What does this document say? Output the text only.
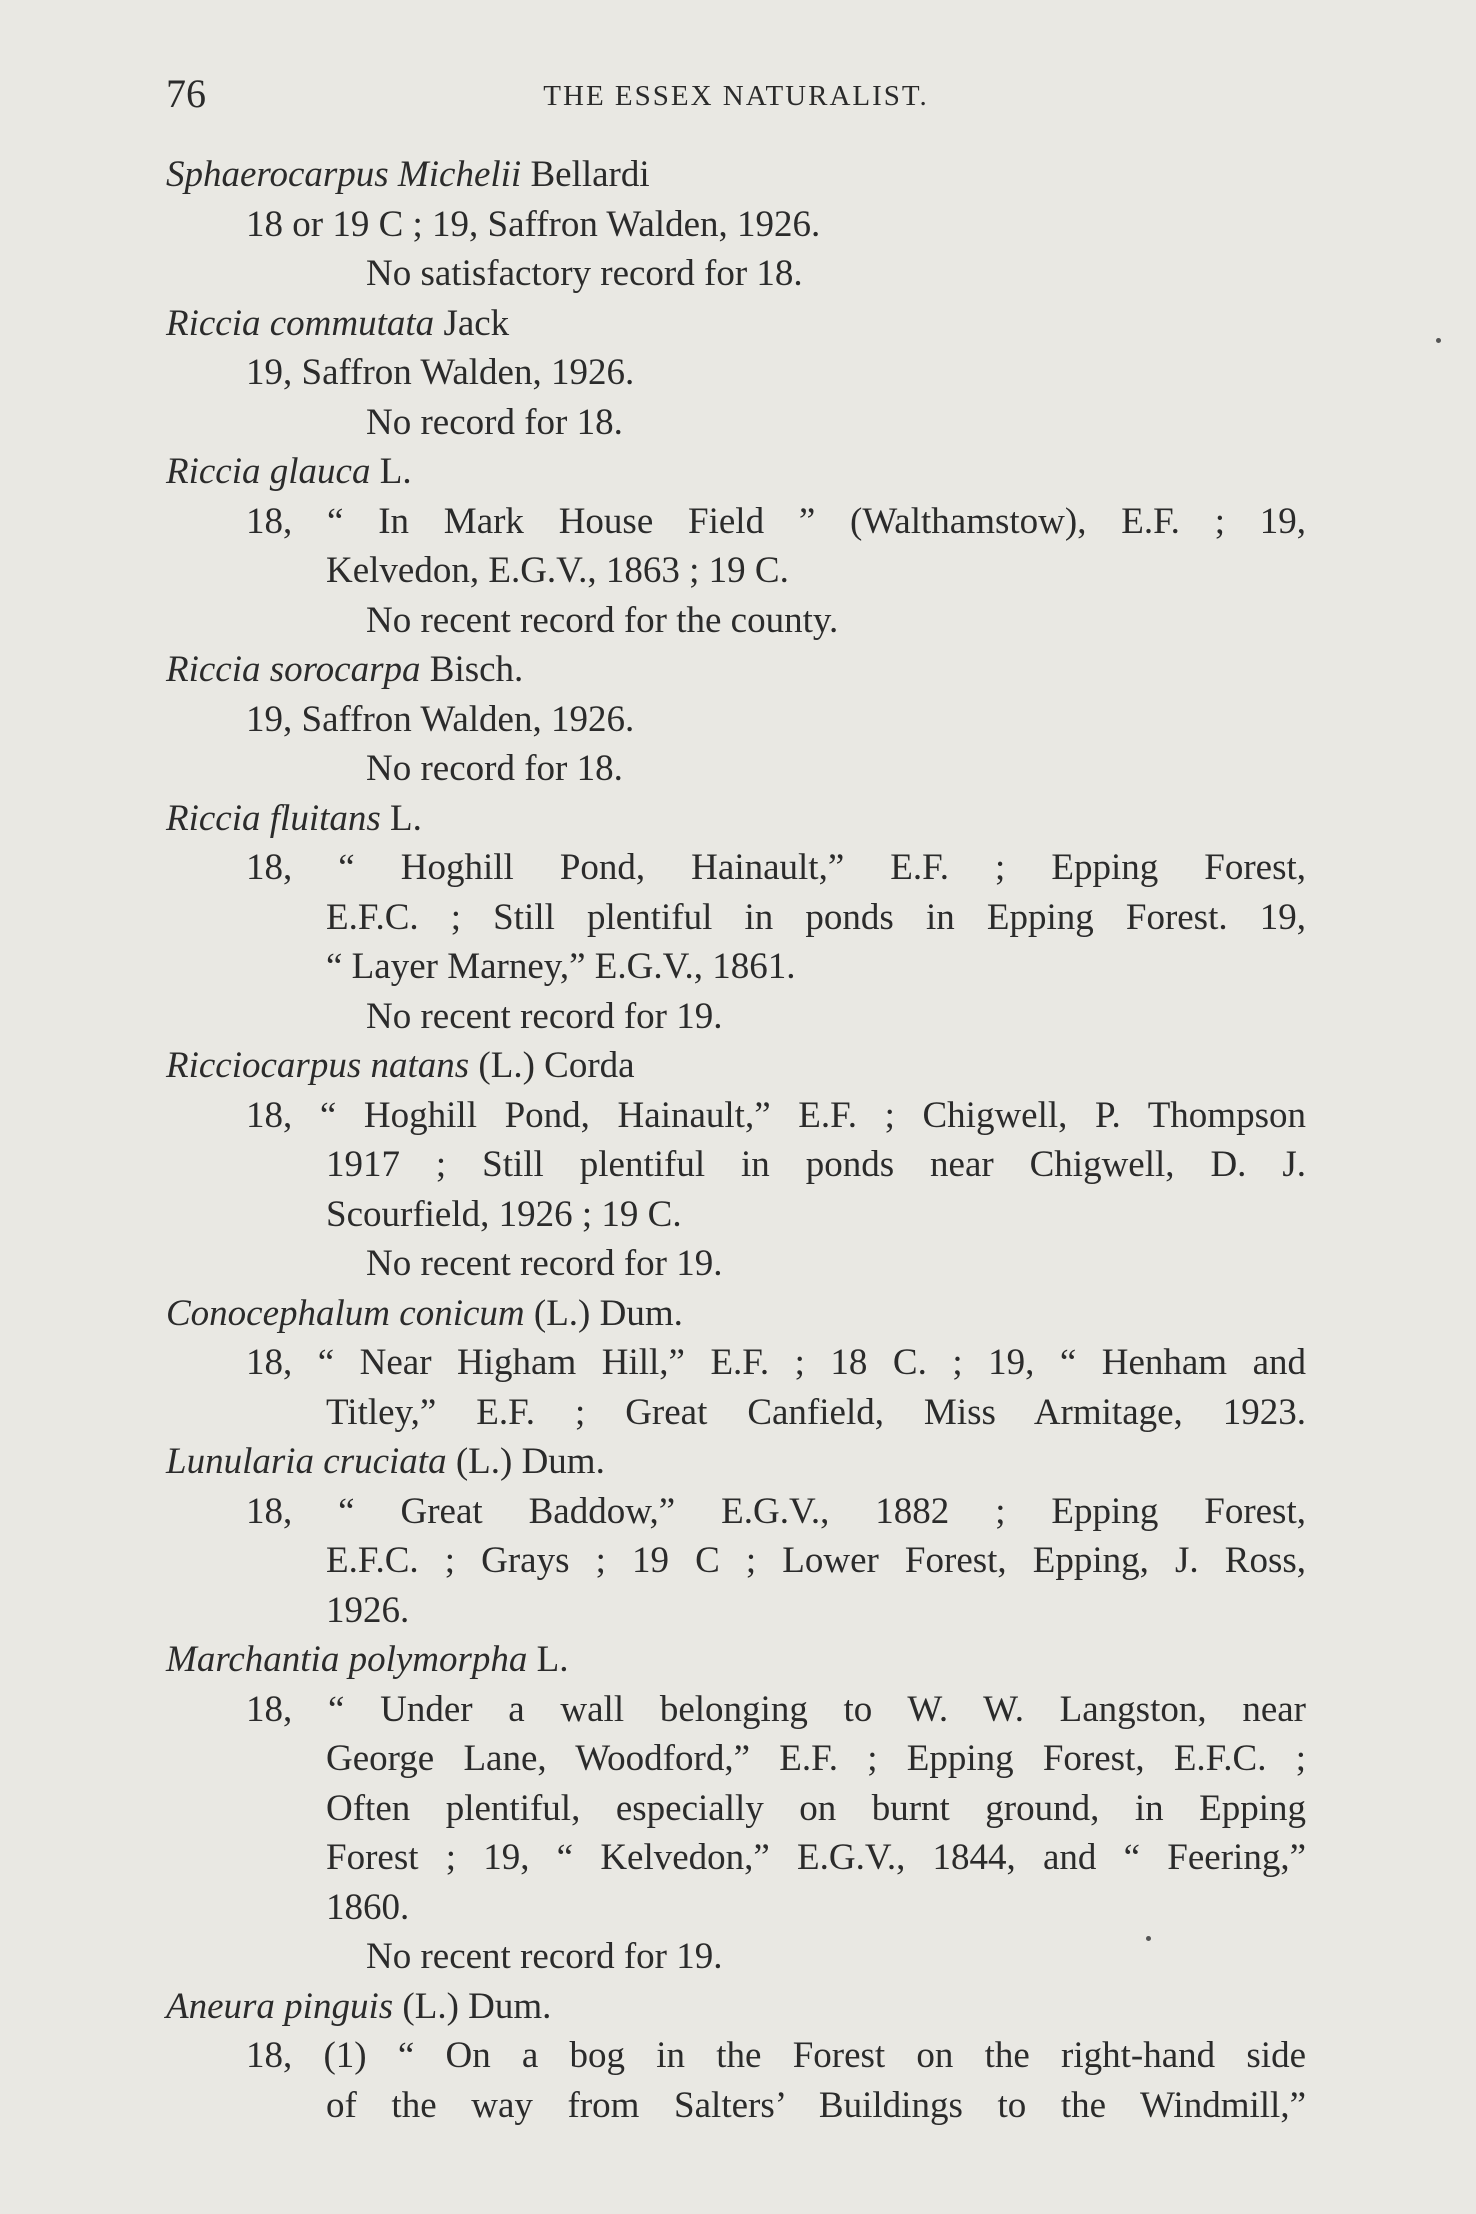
76	THE ESSEX NATURALIST.
Sphaerocarpus Michelii Bellardi
18 or 19 C ; 19, Saffron Walden, 1926.
No satisfactory record for 18.
Riccia commutata Jack
19, Saffron Walden, 1926.
No record for 18.
Riccia glauca L.
18, “ In Mark House Field ” (Walthamstow), E.F. ; 19,
Kelvedon, E.G.V., 1863 ; 19 C.
No recent record for the county.
Riccia sorocarpa Bisch.
19, Saffron Walden, 1926.
No record for 18.
Riccia fluitans L.
18, “ Hoghill Pond, Hainault,” E.F. ; Epping Forest,
E.F.C. ; Still plentiful in ponds in Epping Forest. 19,
“ Layer Marney,” E.G.V., 1861.
No recent record for 19.
Ricciocarpus natans (L.) Corda
18, “ Hoghill Pond, Hainault,” E.F. ; Chigwell, P. Thompson
1917 ; Still plentiful in ponds near Chigwell, D. J.
Scourfield, 1926 ; 19 C.
No recent record for 19.
Conocephalum conicum (L.) Dum.
18, “ Near Higham Hill,” E.F. ; 18 C. ; 19, “ Henham and
Titley,” E.F. ; Great Canfield, Miss Armitage, 1923.
Lunularia cruciata (L.) Dum.
18, “ Great Baddow,” E.G.V., 1882 ; Epping Forest,
E.F.C. ; Grays ; 19 C ; Lower Forest, Epping, J. Ross,
1926.
Marchantia polymorpha L.
18, “ Under a wall belonging to W. W. Langston, near
George Lane, Woodford,” E.F. ; Epping Forest, E.F.C. ;
Often plentiful, especially on burnt ground, in Epping
Forest ; 19, “ Kelvedon,” E.G.V., 1844, and “ Feering,”
1860.
No recent record for 19.
Aneura pinguis (L.) Dum.
18, (1) “ On a bog in the Forest on the right-hand side
of the way from Salters’ Buildings to the Windmill,”
